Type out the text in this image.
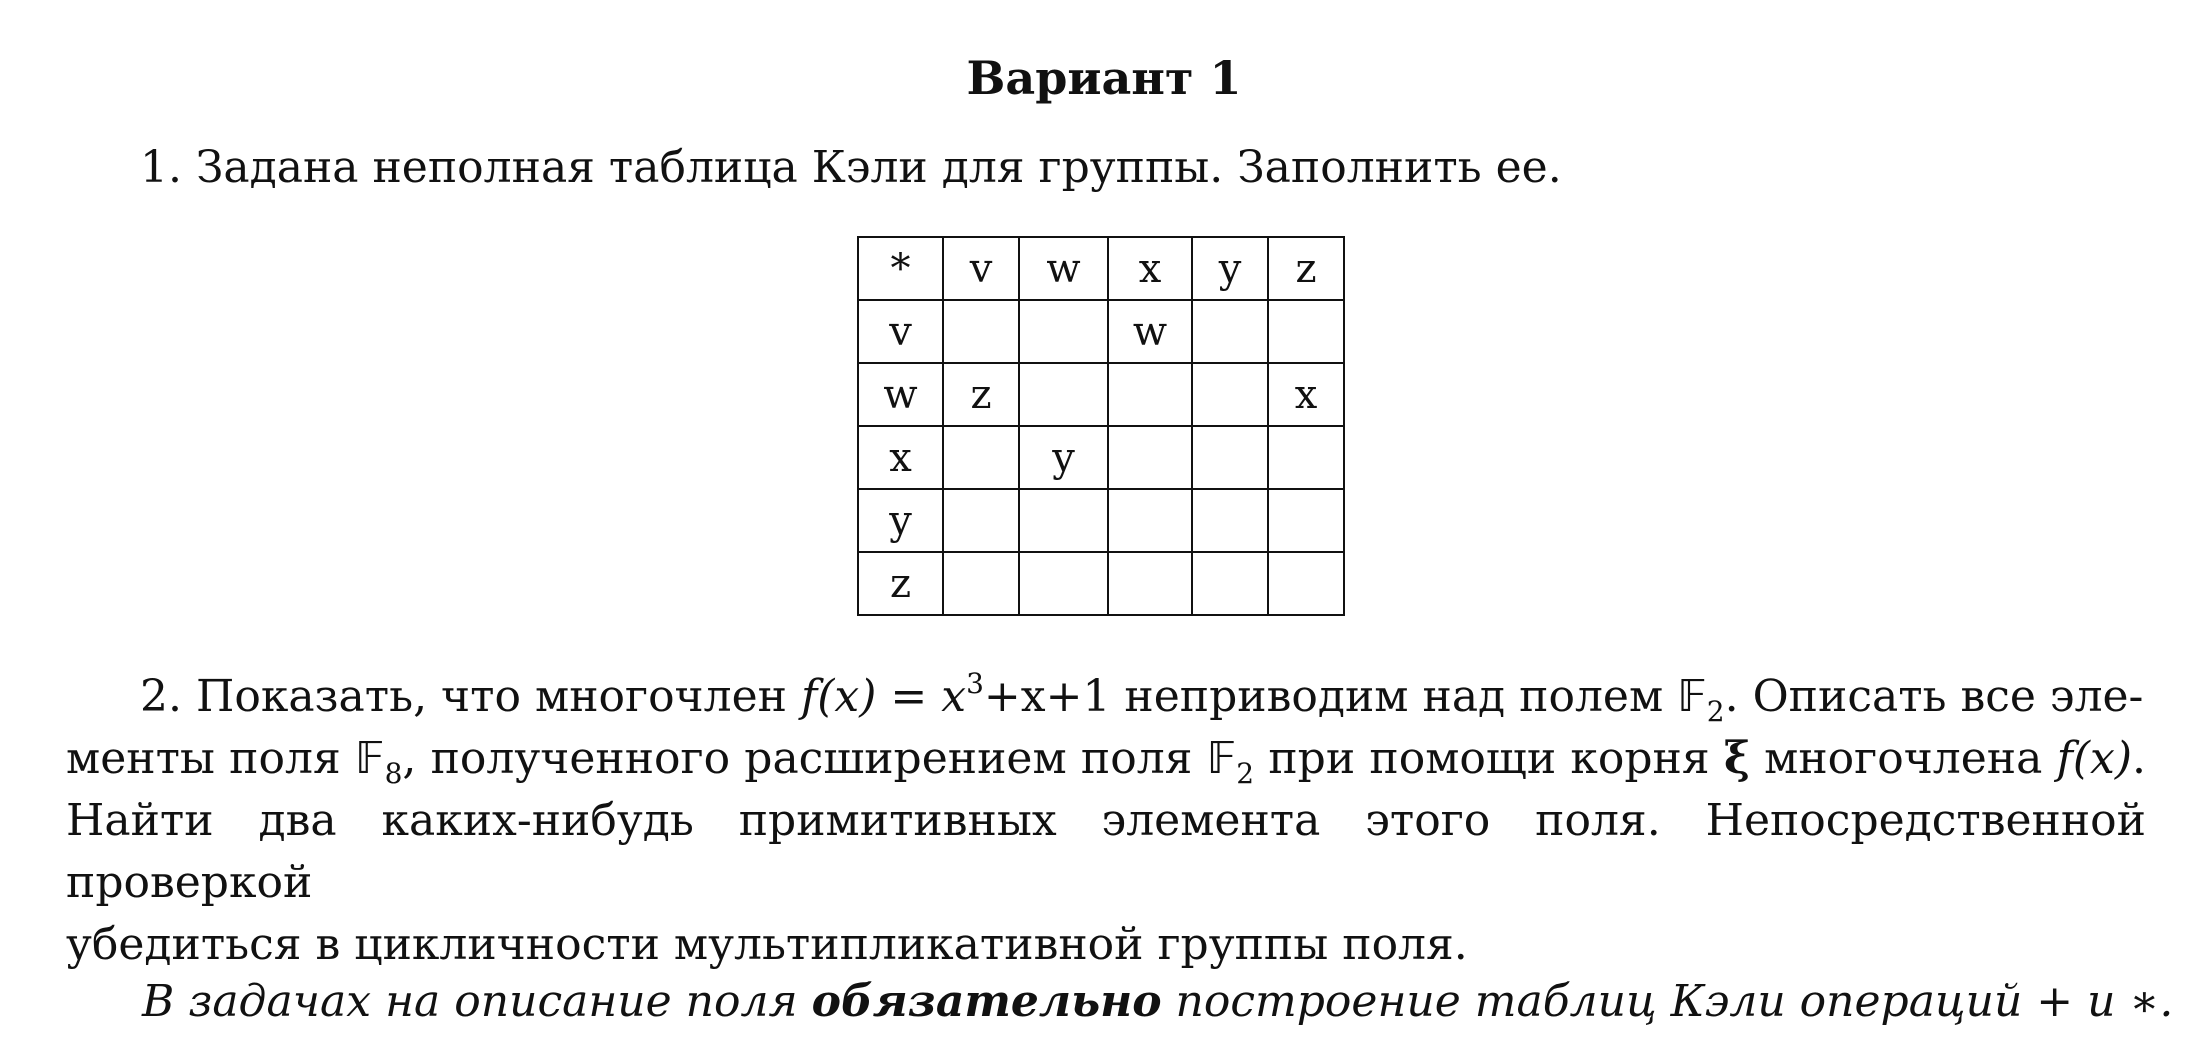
Вариант 1
1. Задана неполная таблица Кэли для группы. Заполнить ее.
*	v	w	x	y	z
v			w		
w	z				x
x		y			
y					
z					
2. Показать, что многочлен $f(x) = x^3+x+1$ неприводим над полем 𝔽$_2$. Описать все эле-
менты поля 𝔽$_8$, полученного расширением поля 𝔽$_2$ при помощи корня ξ многочлена f(x).
Найти два каких-нибудь примитивных элемента этого поля. Непосредственной проверкой
убедиться в цикличности мультипликативной группы поля.
В задачах на описание поля обязательно построение таблиц Кэли операций + и ∗.
